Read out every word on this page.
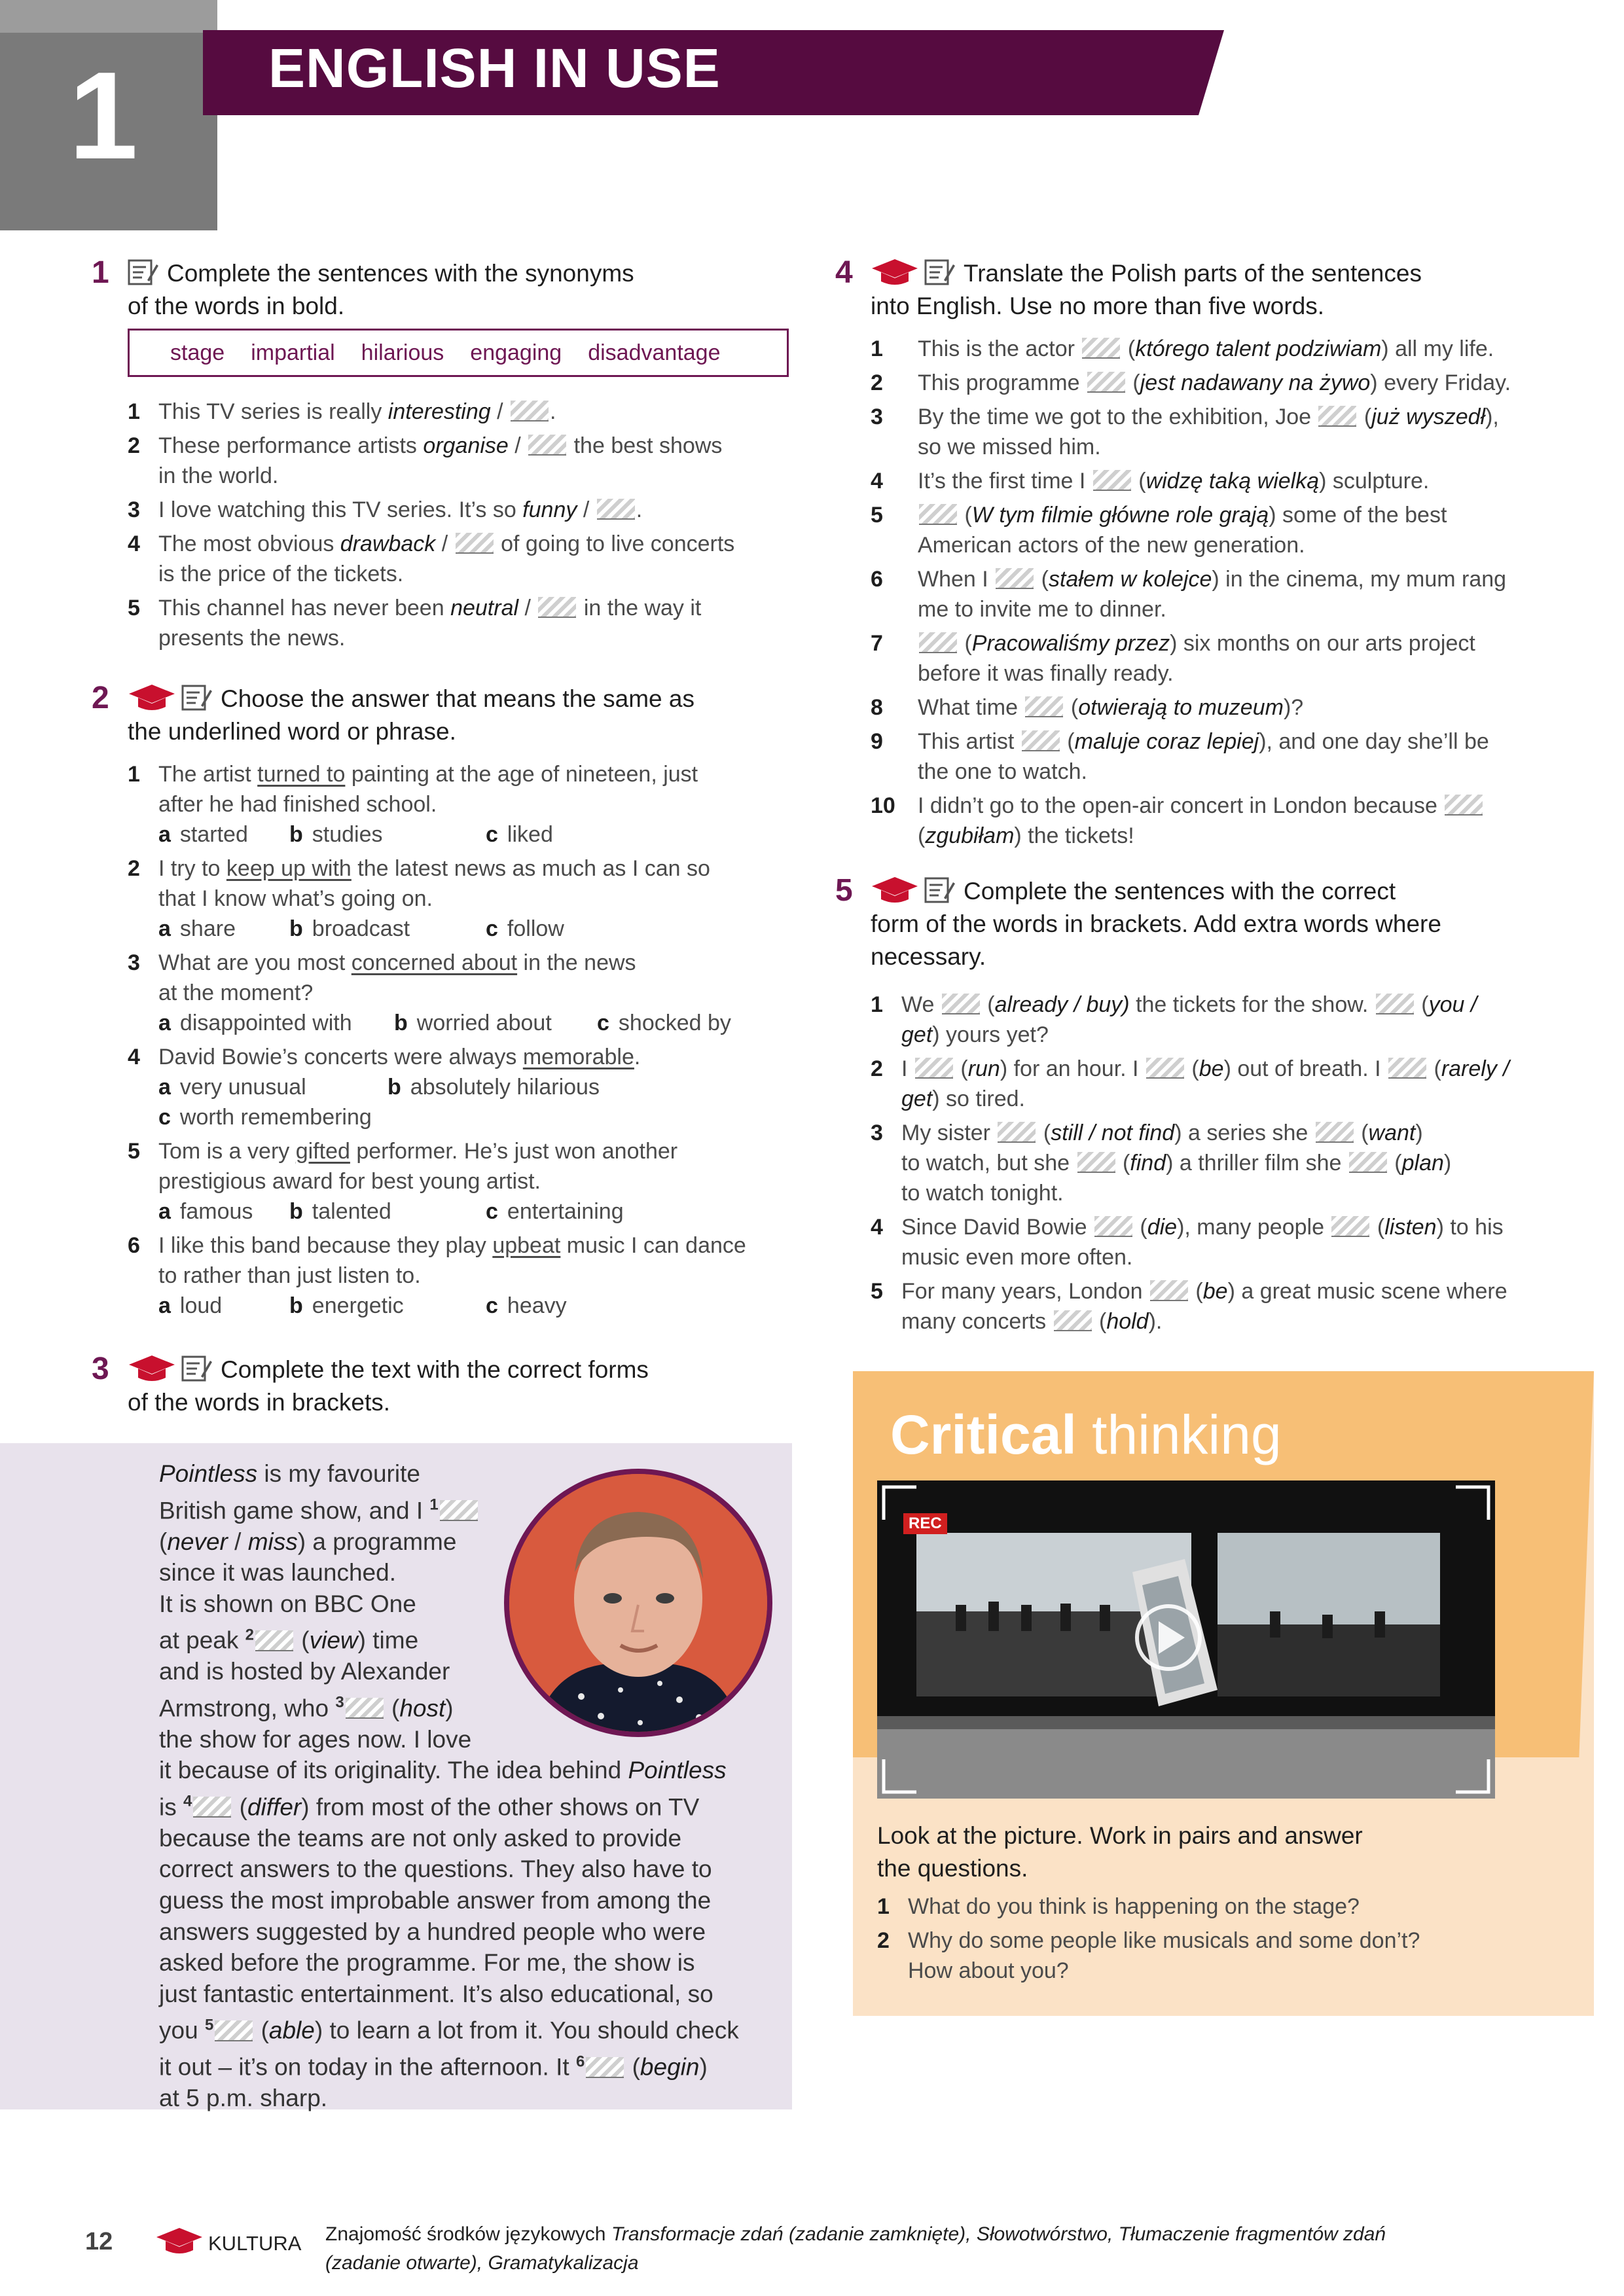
1 ENGLISH IN USE
1	Complete the sentences with the synonyms
of the words in bold.
stage impartial hilarious engaging disadvantage
1 This TV series is really interesting / .
2 These performance artists organise /  the best shows
in the world.
3 I love watching this TV series. It’s so funny / .
4 The most obvious drawback /  of going to live concerts
is the price of the tickets.
5 This channel has never been neutral /  in the way it
presents the news.
2	Choose the answer that means the same as
the underlined word or phrase.
1 The artist turned to painting at the age of nineteen, just
after he had finished school.
a started	b studies	c liked
2 I try to keep up with the latest news as much as I can so
that I know what’s going on.
a share	b broadcast	c follow
3 What are you most concerned about in the news
at the moment?
a disappointed with	b worried about	c shocked by
4 David Bowie’s concerts were always memorable.
a very unusual	b absolutely hilarious
c worth remembering
5 Tom is a very gifted performer. He’s just won another
prestigious award for best young artist.
a famous	b talented	c entertaining
6 I like this band because they play upbeat music I can dance
to rather than just listen to.
a loud	b energetic	c heavy
3	Complete the text with the correct forms
of the words in brackets.
Pointless is my favourite
British game show, and I $^1$
(never / miss) a programme
since it was launched.
It is shown on BBC One
at peak $^2$ (view) time
and is hosted by Alexander
Armstrong, who $^3$ (host)
the show for ages now. I love
it because of its originality. The idea behind Pointless
is $^4$ (differ) from most of the other shows on TV
because the teams are not only asked to provide
correct answers to the questions. They also have to
guess the most improbable answer from among the
answers suggested by a hundred people who were
asked before the programme. For me, the show is
just fantastic entertainment. It’s also educational, so
you $^5$ (able) to learn a lot from it. You should check
it out – it’s on today in the afternoon. It $^6$ (begin)
at 5 p.m. sharp.
4	Translate the Polish parts of the sentences
into English. Use no more than five words.
1 This is the actor  (którego talent podziwiam) all my life.
2 This programme  (jest nadawany na żywo) every Friday.
3 By the time we got to the exhibition, Joe  (już wyszedł),
so we missed him.
4 It’s the first time I  (widzę taką wielką) sculpture.
5	(W tym filmie główne role grają) some of the best
American actors of the new generation.
6 When I  (stałem w kolejce) in the cinema, my mum rang
me to invite me to dinner.
7	(Pracowaliśmy przez) six months on our arts project
before it was finally ready.
8 What time  (otwierają to muzeum)?
9 This artist  (maluje coraz lepiej), and one day she’ll be
the one to watch.
10 I didn’t go to the open-air concert in London because
(zgubiłam) the tickets!
5	Complete the sentences with the correct
form of the words in brackets. Add extra words where
necessary.
1 We  (already / buy) the tickets for the show.  (you /
get) yours yet?
2 I  (run) for an hour. I  (be) out of breath. I  (rarely /
get) so tired.
3 My sister  (still / not find) a series she  (want)
to watch, but she  (find) a thriller film she  (plan)
to watch tonight.
4 Since David Bowie  (die), many people  (listen) to his
music even more often.
5 For many years, London  (be) a great music scene where
many concerts  (hold).
Critical thinking
REC
Look at the picture. Work in pairs and answer
the questions.
1 What do you think is happening on the stage?
2 Why do some people like musicals and some don’t?
How about you?
12	KULTURA Znajomość środków językowych Transformacje zdań (zadanie zamknięte), Słowotwórstwo, Tłumaczenie fragmentów zdań
(zadanie otwarte), Gramatykalizacja
